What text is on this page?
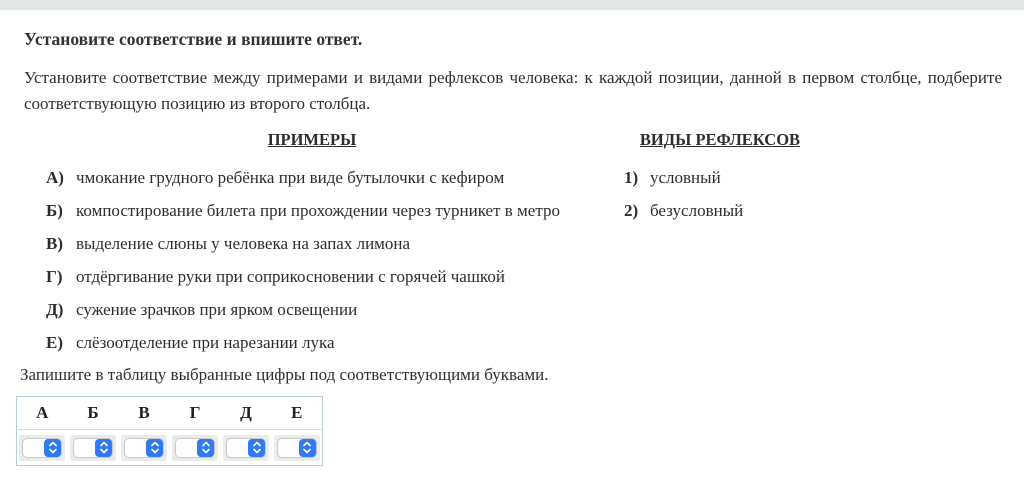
Установите соответствие и впишите ответ.

Установите соответствие между примерами и видами рефлексов человека: к каждой позиции, данной в первом столбце, подберите соответствующую позицию из второго столбца.

ПРИМЕРЫ
А) чмокание грудного ребёнка при виде бутылочки с кефиром
Б) компостирование билета при прохождении через турникет в метро
В) выделение слюны у человека на запах лимона
Г) отдёргивание руки при соприкосновении с горячей чашкой
Д) сужение зрачков при ярком освещении
Е) слёзоотделение при нарезании лука
ВИДЫ РЕФЛЕКСОВ
1) условный
2) безусловный

Запишите в таблицу выбранные цифры под соответствующими буквами.

А	Б	В	Г	Д	Е
